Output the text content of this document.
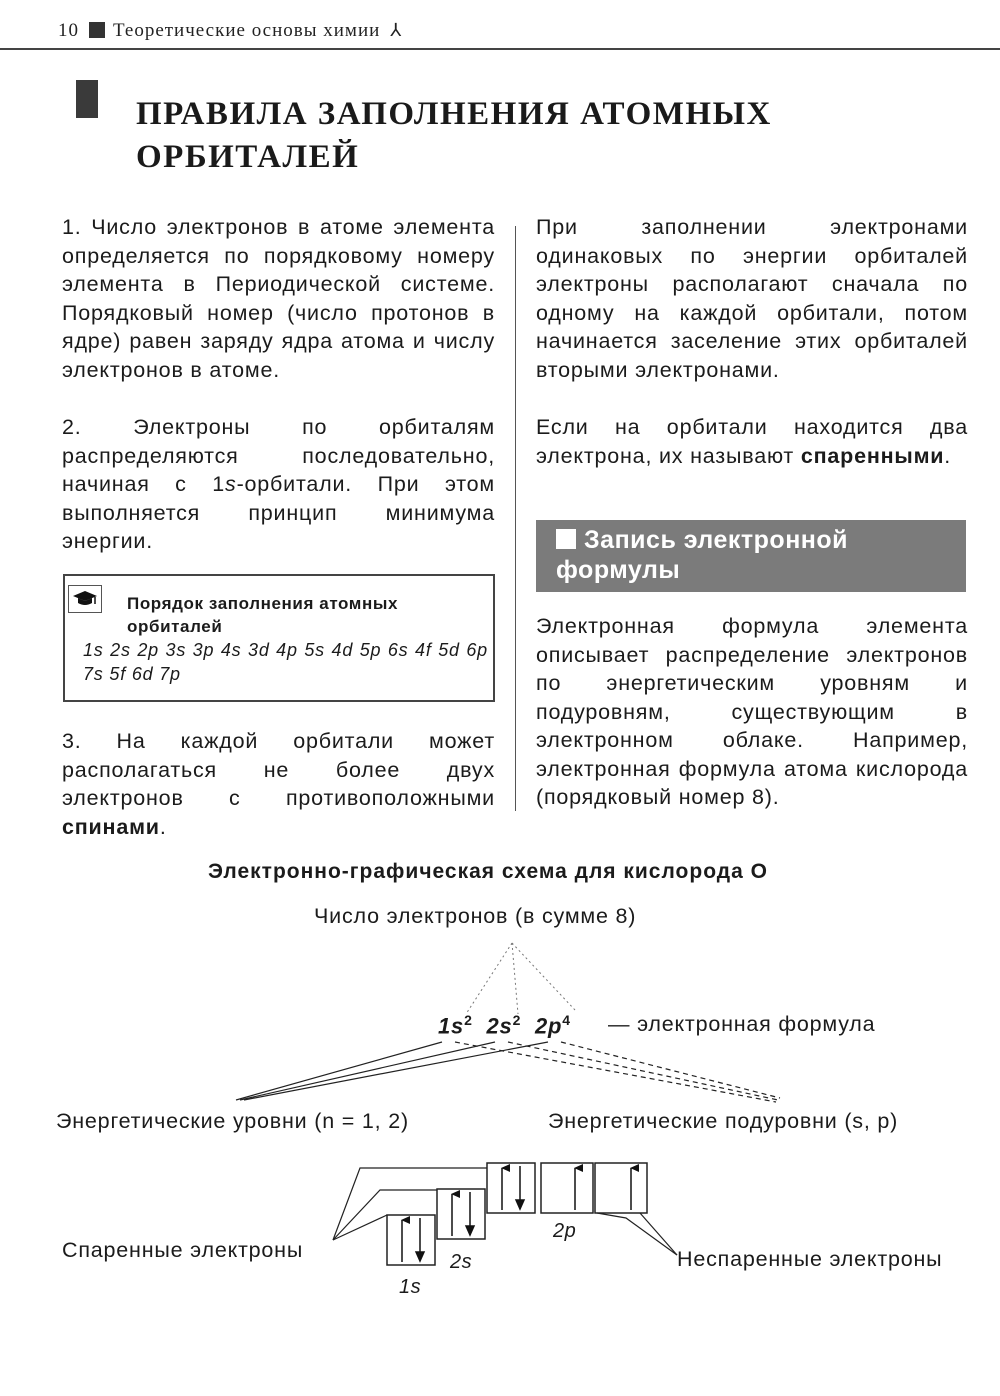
10 Теоретические основы химии ⅄
ПРАВИЛА ЗАПОЛНЕНИЯ АТОМНЫХ ОРБИТАЛЕЙ

1. Число электронов в атоме элемента определяется по порядковому номеру элемента в Периодической системе. Порядковый номер (число протонов в ядре) равен заряду ядра атома и числу электронов в атоме.

2. Электроны по орбиталям распределяются последовательно, начиная с 1s-орбитали. При этом выполняется принцип минимума энергии.

Порядок заполнения атомных орбиталей
1s 2s 2p 3s 3p 4s 3d 4p 5s 4d 5p 6s 4f 5d 6p 7s 5f 6d 7p

3. На каждой орбитали может располагаться не более двух электронов с противоположными спинами.

При заполнении электронами одинаковых по энергии орбиталей электроны располагают сначала по одному на каждой орбитали, потом начинается заселение этих орбиталей вторыми электронами.

Если на орбитали находится два электрона, их называют спаренными.

Запись электронной формулы

Электронная формула элемента описывает распределение электронов по энергетическим уровням и подуровням, существующим в электронном облаке. Например, электронная формула атома кислорода (порядковый номер 8).

Электронно-графическая схема для кислорода О
Число электронов (в сумме 8)
$1s^2$ $2s^2$ $2p^4$ — электронная формула
Энергетические уровни (n = 1, 2)	Энергетические подуровни (s, p)
Спаренные электроны	Неспаренные электроны
1s
2s
2p
